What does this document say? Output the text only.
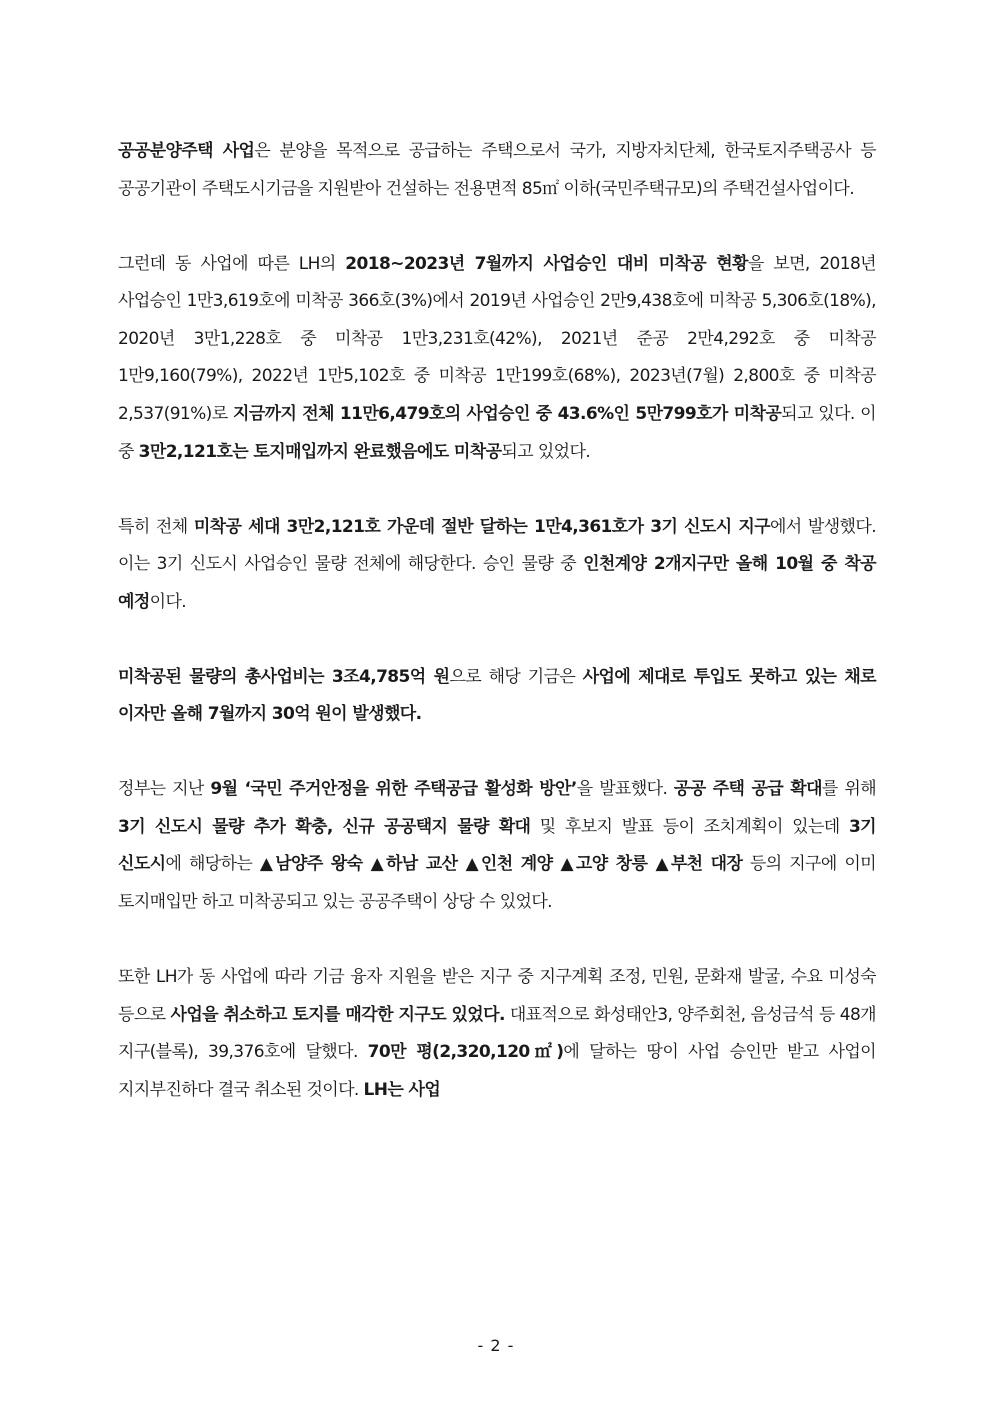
공공분양주택 사업은 분양을 목적으로 공급하는 주택으로서 국가, 지방자치단체, 한국토지주택공사 등 공공기관이 주택도시기금을 지원받아 건설하는 전용면적 85㎡ 이하(국민주택규모)의 주택건설사업이다.

그런데 동 사업에 따른 LH의 2018~2023년 7월까지 사업승인 대비 미착공 현황을 보면, 2018년 사업승인 1만3,619호에 미착공 366호(3%)에서 2019년 사업승인 2만9,438호에 미착공 5,306호(18%), 2020년 3만1,228호 중 미착공 1만3,231호(42%), 2021년 준공 2만4,292호 중 미착공 1만9,160(79%), 2022년 1만5,102호 중 미착공 1만199호(68%), 2023년(7월) 2,800호 중 미착공 2,537(91%)로 지금까지 전체 11만6,479호의 사업승인 중 43.6%인 5만799호가 미착공되고 있다. 이 중 3만2,121호는 토지매입까지 완료했음에도 미착공되고 있었다.

특히 전체 미착공 세대 3만2,121호 가운데 절반 달하는 1만4,361호가 3기 신도시 지구에서 발생했다. 이는 3기 신도시 사업승인 물량 전체에 해당한다. 승인 물량 중 인천계양 2개지구만 올해 10월 중 착공 예정이다.

미착공된 물량의 총사업비는 3조4,785억 원으로 해당 기금은 사업에 제대로 투입도 못하고 있는 채로 이자만 올해 7월까지 30억 원이 발생했다.

정부는 지난 9월 ‘국민 주거안정을 위한 주택공급 활성화 방안’을 발표했다. 공공 주택 공급 확대를 위해 3기 신도시 물량 추가 확충, 신규 공공택지 물량 확대 및 후보지 발표 등이 조치계획이 있는데 3기 신도시에 해당하는 ▲남양주 왕숙 ▲하남 교산 ▲인천 계양 ▲고양 창릉 ▲부천 대장 등의 지구에 이미 토지매입만 하고 미착공되고 있는 공공주택이 상당 수 있었다.

또한 LH가 동 사업에 따라 기금 융자 지원을 받은 지구 중 지구계획 조정, 민원, 문화재 발굴, 수요 미성숙 등으로 사업을 취소하고 토지를 매각한 지구도 있었다. 대표적으로 화성태안3, 양주회천, 음성금석 등 48개 지구(블록), 39,376호에 달했다. 70만 평(2,320,120㎡)에 달하는 땅이 사업 승인만 받고 사업이 지지부진하다 결국 취소된 것이다. LH는 사업

- 2 -
